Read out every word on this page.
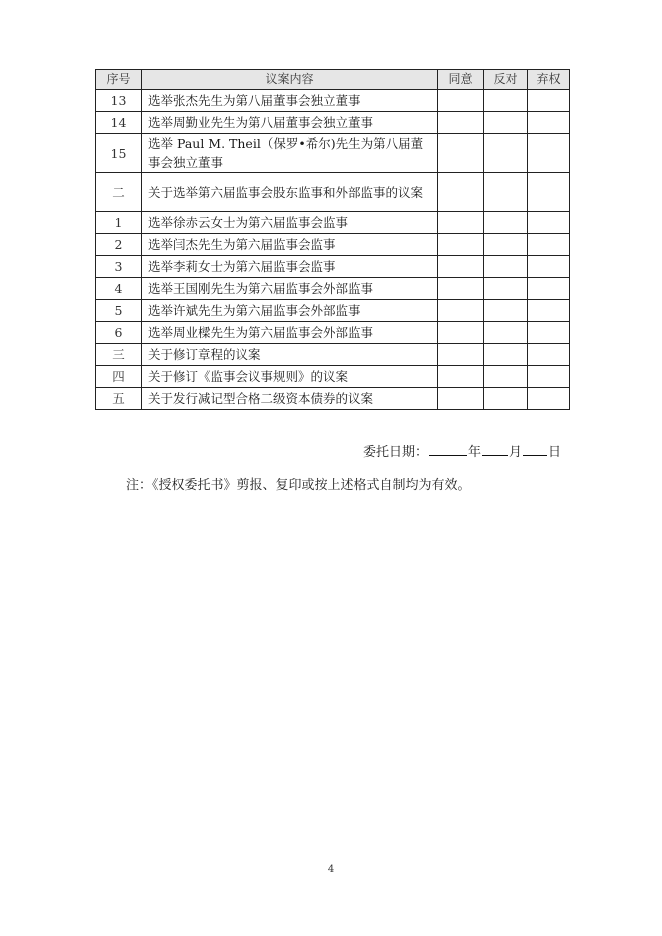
序号	议案内容	同意	反对	弃权
13	选举张杰先生为第八届董事会独立董事			
14	选举周勤业先生为第八届董事会独立董事			
15	选举 Paul M. Theil（保罗•希尔)先生为第八届董事会独立董事			
二	关于选举第六届监事会股东监事和外部监事的议案			
1	选举徐赤云女士为第六届监事会监事			
2	选举闫杰先生为第六届监事会监事			
3	选举李莉女士为第六届监事会监事			
4	选举王国刚先生为第六届监事会外部监事			
5	选举许斌先生为第六届监事会外部监事			
6	选举周业樑先生为第六届监事会外部监事			
三	关于修订章程的议案			
四	关于修订《监事会议事规则》的议案			
五	关于发行减记型合格二级资本债券的议案			
委托日期：	年 月 日
注：《授权委托书》剪报、复印或按上述格式自制均为有效。
4
